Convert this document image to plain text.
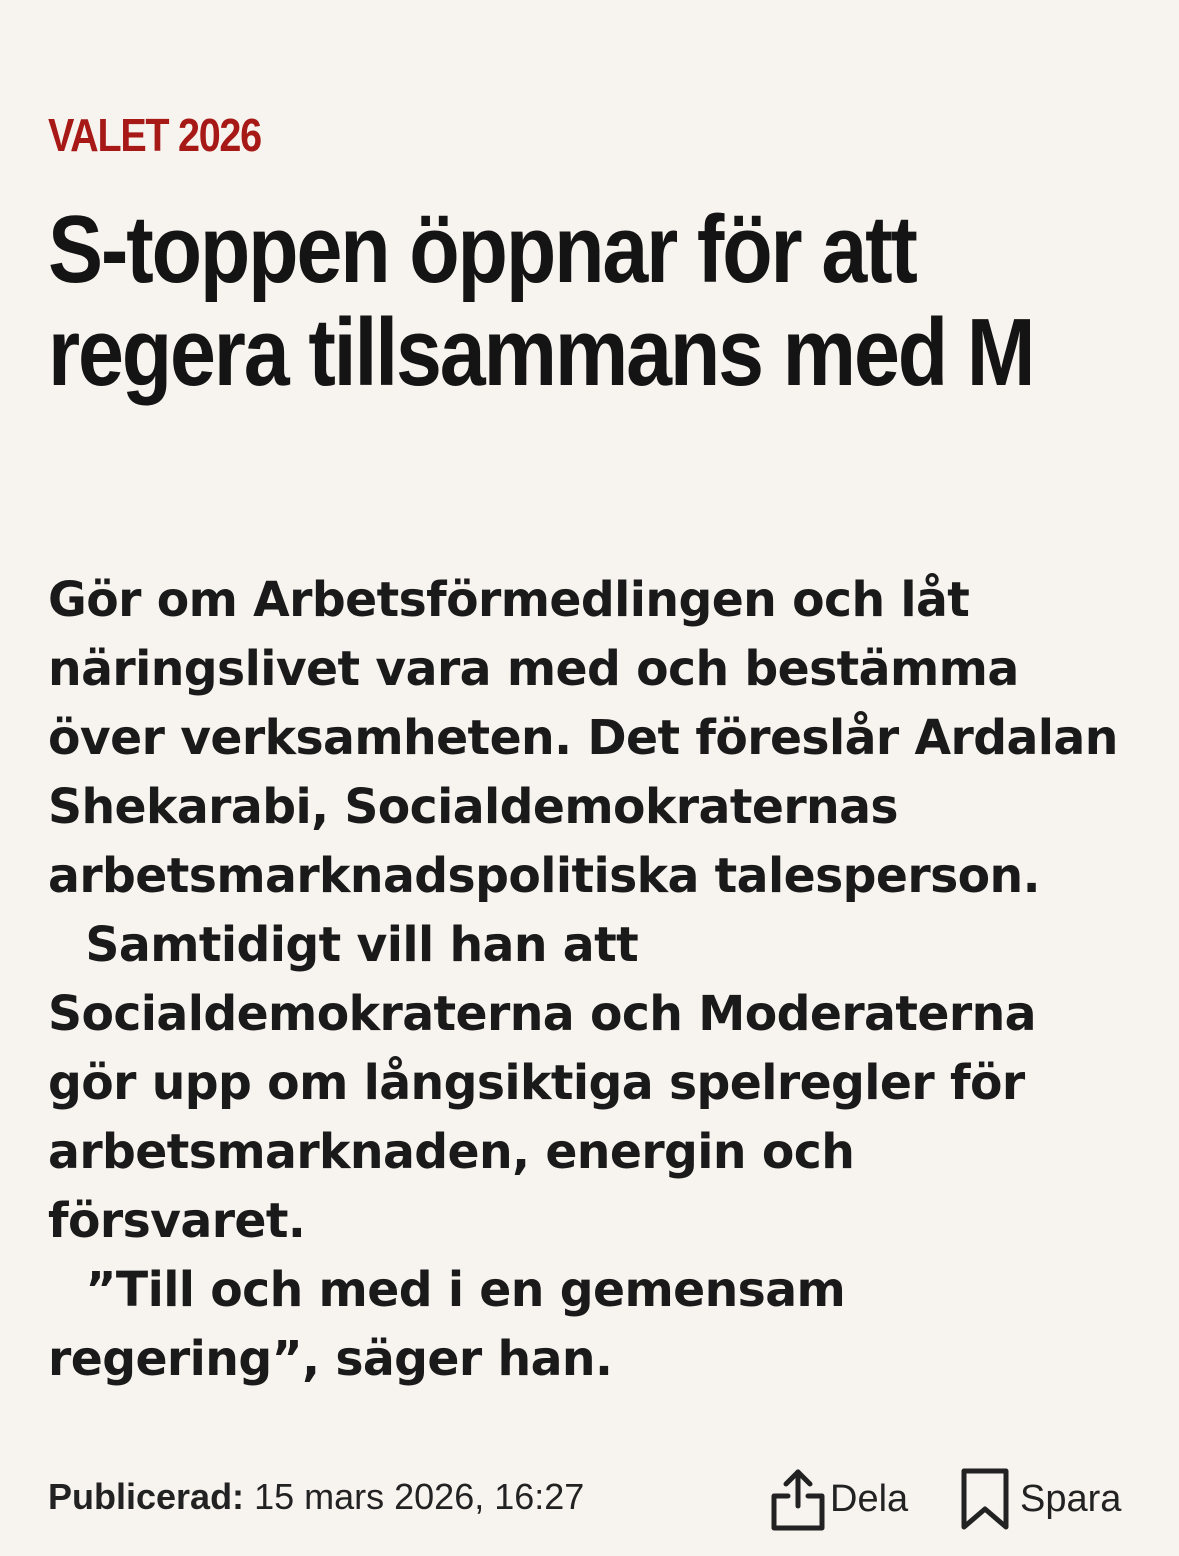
VALET 2026
S-toppen öppnar för att regera tillsammans med M

Gör om Arbetsförmedlingen och låt näringslivet vara med och bestämma över verksamheten. Det föreslår Ardalan Shekarabi, Socialdemokraternas arbetsmarknadspolitiska talesperson.

Samtidigt vill han att Socialdemokraterna och Moderaterna gör upp om långsiktiga spelregler för arbetsmarknaden, energin och försvaret.

”Till och med i en gemensam regering”, säger han.

Publicerad: 15 mars 2026, 16:27	Dela	Spara
